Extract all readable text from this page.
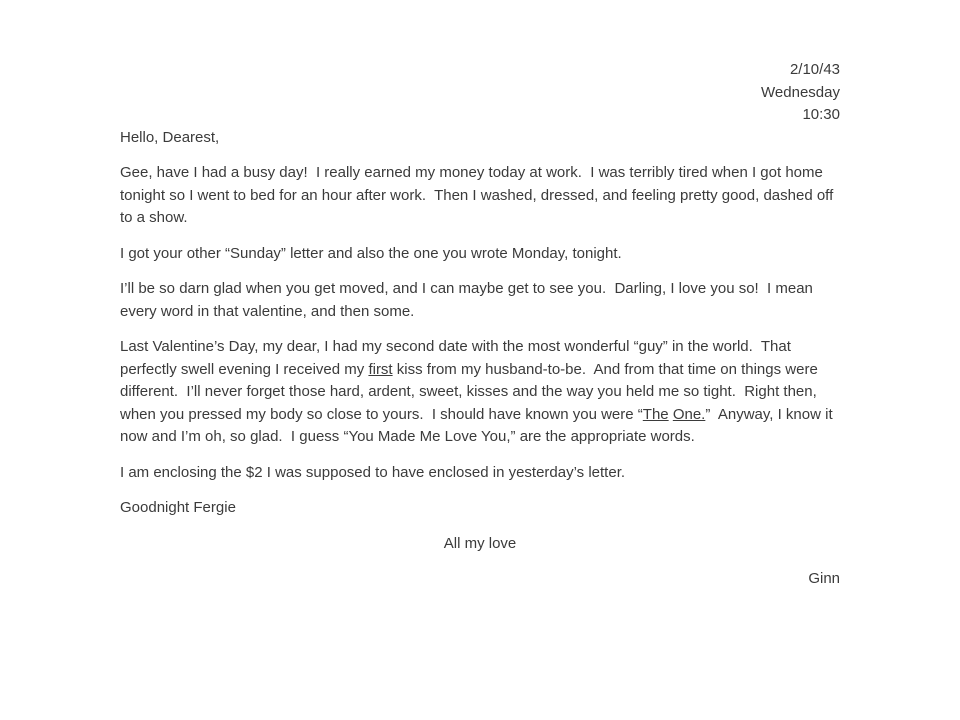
2/10/43
Wednesday
10:30

Hello, Dearest,

Gee, have I had a busy day!  I really earned my money today at work.  I was terribly tired when I got home tonight so I went to bed for an hour after work.  Then I washed, dressed, and feeling pretty good, dashed off to a show.

I got your other “Sunday” letter and also the one you wrote Monday, tonight.

I’ll be so darn glad when you get moved, and I can maybe get to see you.  Darling, I love you so!  I mean every word in that valentine, and then some.

Last Valentine’s Day, my dear, I had my second date with the most wonderful “guy” in the world.  That perfectly swell evening I received my first kiss from my husband-to-be.  And from that time on things were different.  I’ll never forget those hard, ardent, sweet, kisses and the way you held me so tight.  Right then, when you pressed my body so close to yours.  I should have known you were “The One.”  Anyway, I know it now and I’m oh, so glad.  I guess “You Made Me Love You,” are the appropriate words.

I am enclosing the $2 I was supposed to have enclosed in yesterday’s letter.

Goodnight Fergie

All my love

Ginn
